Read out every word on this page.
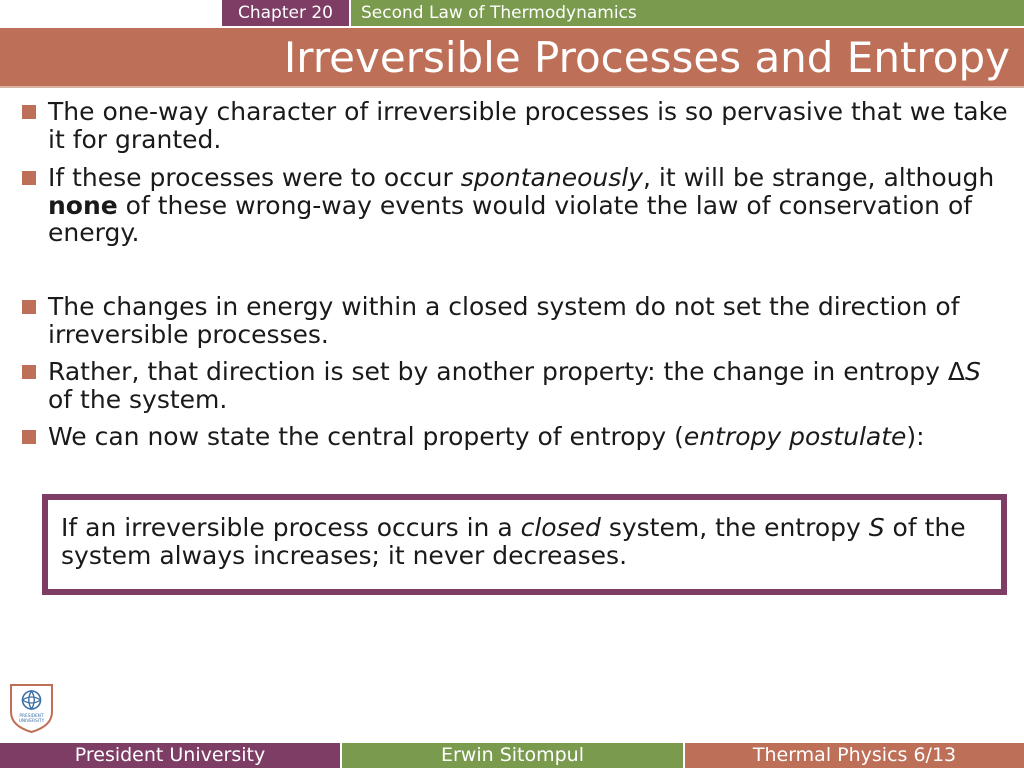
Chapter 20	Second Law of Thermodynamics
Irreversible Processes and Entropy
The one-way character of irreversible processes is so pervasive that we take it for granted.
If these processes were to occur spontaneously, it will be strange, although none of these wrong-way events would violate the law of conservation of energy.
The changes in energy within a closed system do not set the direction of irreversible processes.
Rather, that direction is set by another property: the change in entropy ΔS of the system.
We can now state the central property of entropy (entropy postulate):
If an irreversible process occurs in a closed system, the entropy S of the system always increases; it never decreases.
PRESIDENT
UNIVERSITY
President University	Erwin Sitompul	Thermal Physics 6/13
